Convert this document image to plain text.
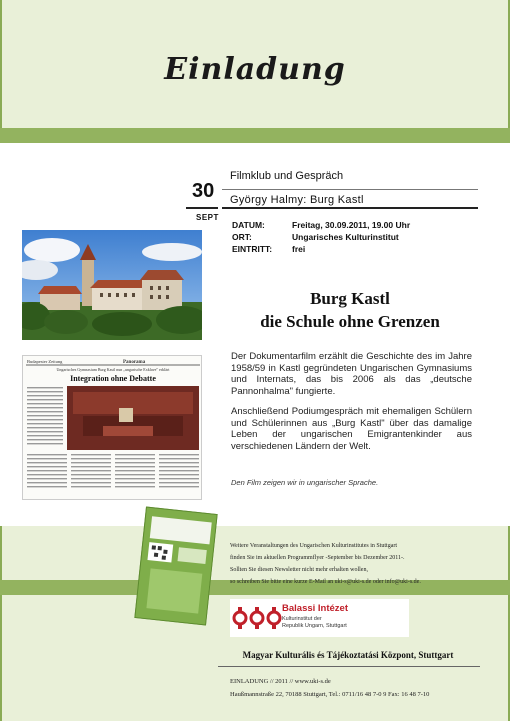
Einladung
30
SEPT
Filmklub und Gespräch
György Halmy: Burg Kastl
DATUM:	Freitag, 30.09.2011, 19.00 Uhr
ORT:	Ungarisches Kulturinstitut
EINTRITT:	frei
Budapester Zeitung	Panorama
Ungarisches Gymnasium Burg Kastl nun „ungarische Exklave" erklärt
Integration ohne Debatte
Burg Kastl
die Schule ohne Grenzen
Der Dokumentarfilm erzählt die Geschichte des im Jahre 1958/59 in Kastl gegründeten Ungarischen Gymnasiums und Internats, das bis 2006 als das „deutsche Pannonhalma" fungierte.
Anschließend Podiumgespräch mit ehemaligen Schülern und Schülerinnen aus „Burg Kastl" über das damalige Leben der ungarischen Emigrantenkinder aus verschiedenen Ländern der Welt.
Den Film zeigen wir in ungarischer Sprache.
Weitere Veranstaltungen des Ungarischen Kulturinstitutes in Stuttgart
finden Sie im aktuellen Programmflyer -September bis Dezember 2011-.
Sollten Sie diesen Newsletter nicht mehr erhalten wollen,
so schreiben Sie bitte eine kurze E-Mail an uki-s@uki-s.de oder info@uki-s.de.
Balassi Intézet
Kulturinstitut der
Republik Ungarn, Stuttgart
Magyar Kulturális és Tájékoztatási Központ, Stuttgart
EINLADUNG // 2011 // www.uki-s.de
Haußmannstraße 22, 70188 Stuttgart, Tel.: 0711/16 48 7-0 9 Fax: 16 48 7-10
